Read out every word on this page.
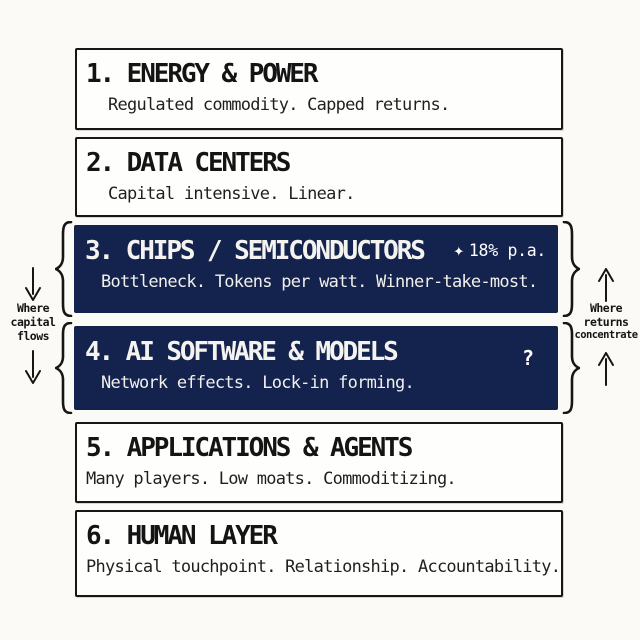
1. ENERGY & POWER
Regulated commodity. Capped returns.
2. DATA CENTERS
Capital intensive. Linear.
3. CHIPS / SEMICONDUCTORS
Bottleneck. Tokens per watt. Winner-take-most.
✦ 18% p.a.
4. AI SOFTWARE & MODELS
Network effects. Lock-in forming.
?
5. APPLICATIONS & AGENTS
Many players. Low moats. Commoditizing.
6. HUMAN LAYER
Physical touchpoint. Relationship. Accountability.
Where
capital
flows
Where
returns
concentrate
